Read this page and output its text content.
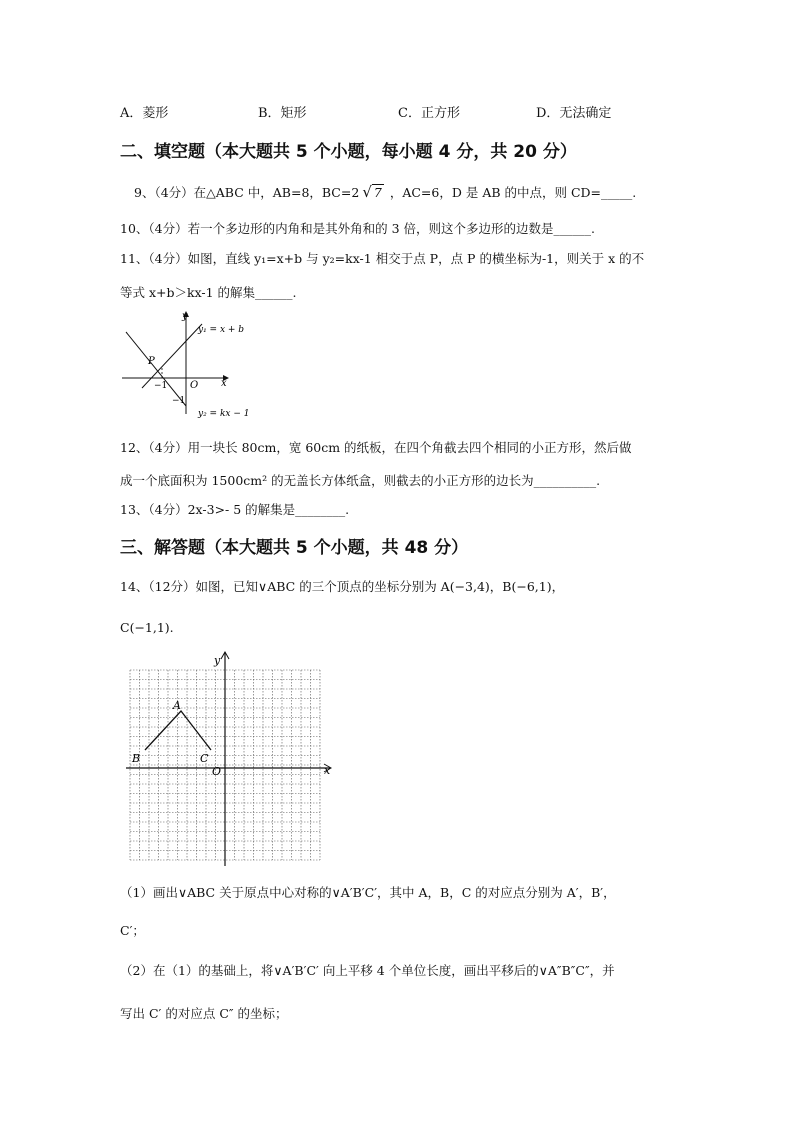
A．菱形	B．矩形	C．正方形	D．无法确定
二、填空题（本大题共 5 个小题，每小题 4 分，共 20 分）
9、（4分）在△ABC 中，AB=8，BC=2 √ 7 ，AC=6，D 是 AB 的中点，则 CD=_____.
10、（4分）若一个多边形的内角和是其外角和的 3 倍，则这个多边形的边数是______.
11、（4分）如图，直线 y₁=x+b 与 y₂=kx-1 相交于点 P，点 P 的横坐标为-1，则关于 x 的不
等式 x+b＞kx-1 的解集______.
y
x
O
P
−1
−1
y₁ = x + b
y₂ = kx − 1
12、（4分）用一块长 80cm，宽 60cm 的纸板，在四个角截去四个相同的小正方形，然后做
成一个底面积为 1500cm² 的无盖长方体纸盒，则截去的小正方形的边长为__________.
13、（4分）2x-3>- 5 的解集是________.
三、解答题（本大题共 5 个小题，共 48 分）
14、（12分）如图，已知∨ABC 的三个顶点的坐标分别为 A(−3,4)，B(−6,1)，
C(−1,1).
y
x
O
A
B	C
（1）画出∨ABC 关于原点中心对称的∨A′B′C′，其中 A，B，C 的对应点分别为 A′，B′，
C′；
（2）在（1）的基础上，将∨A′B′C′ 向上平移 4 个单位长度，画出平移后的∨A″B″C″，并
写出 C′ 的对应点 C″ 的坐标；
